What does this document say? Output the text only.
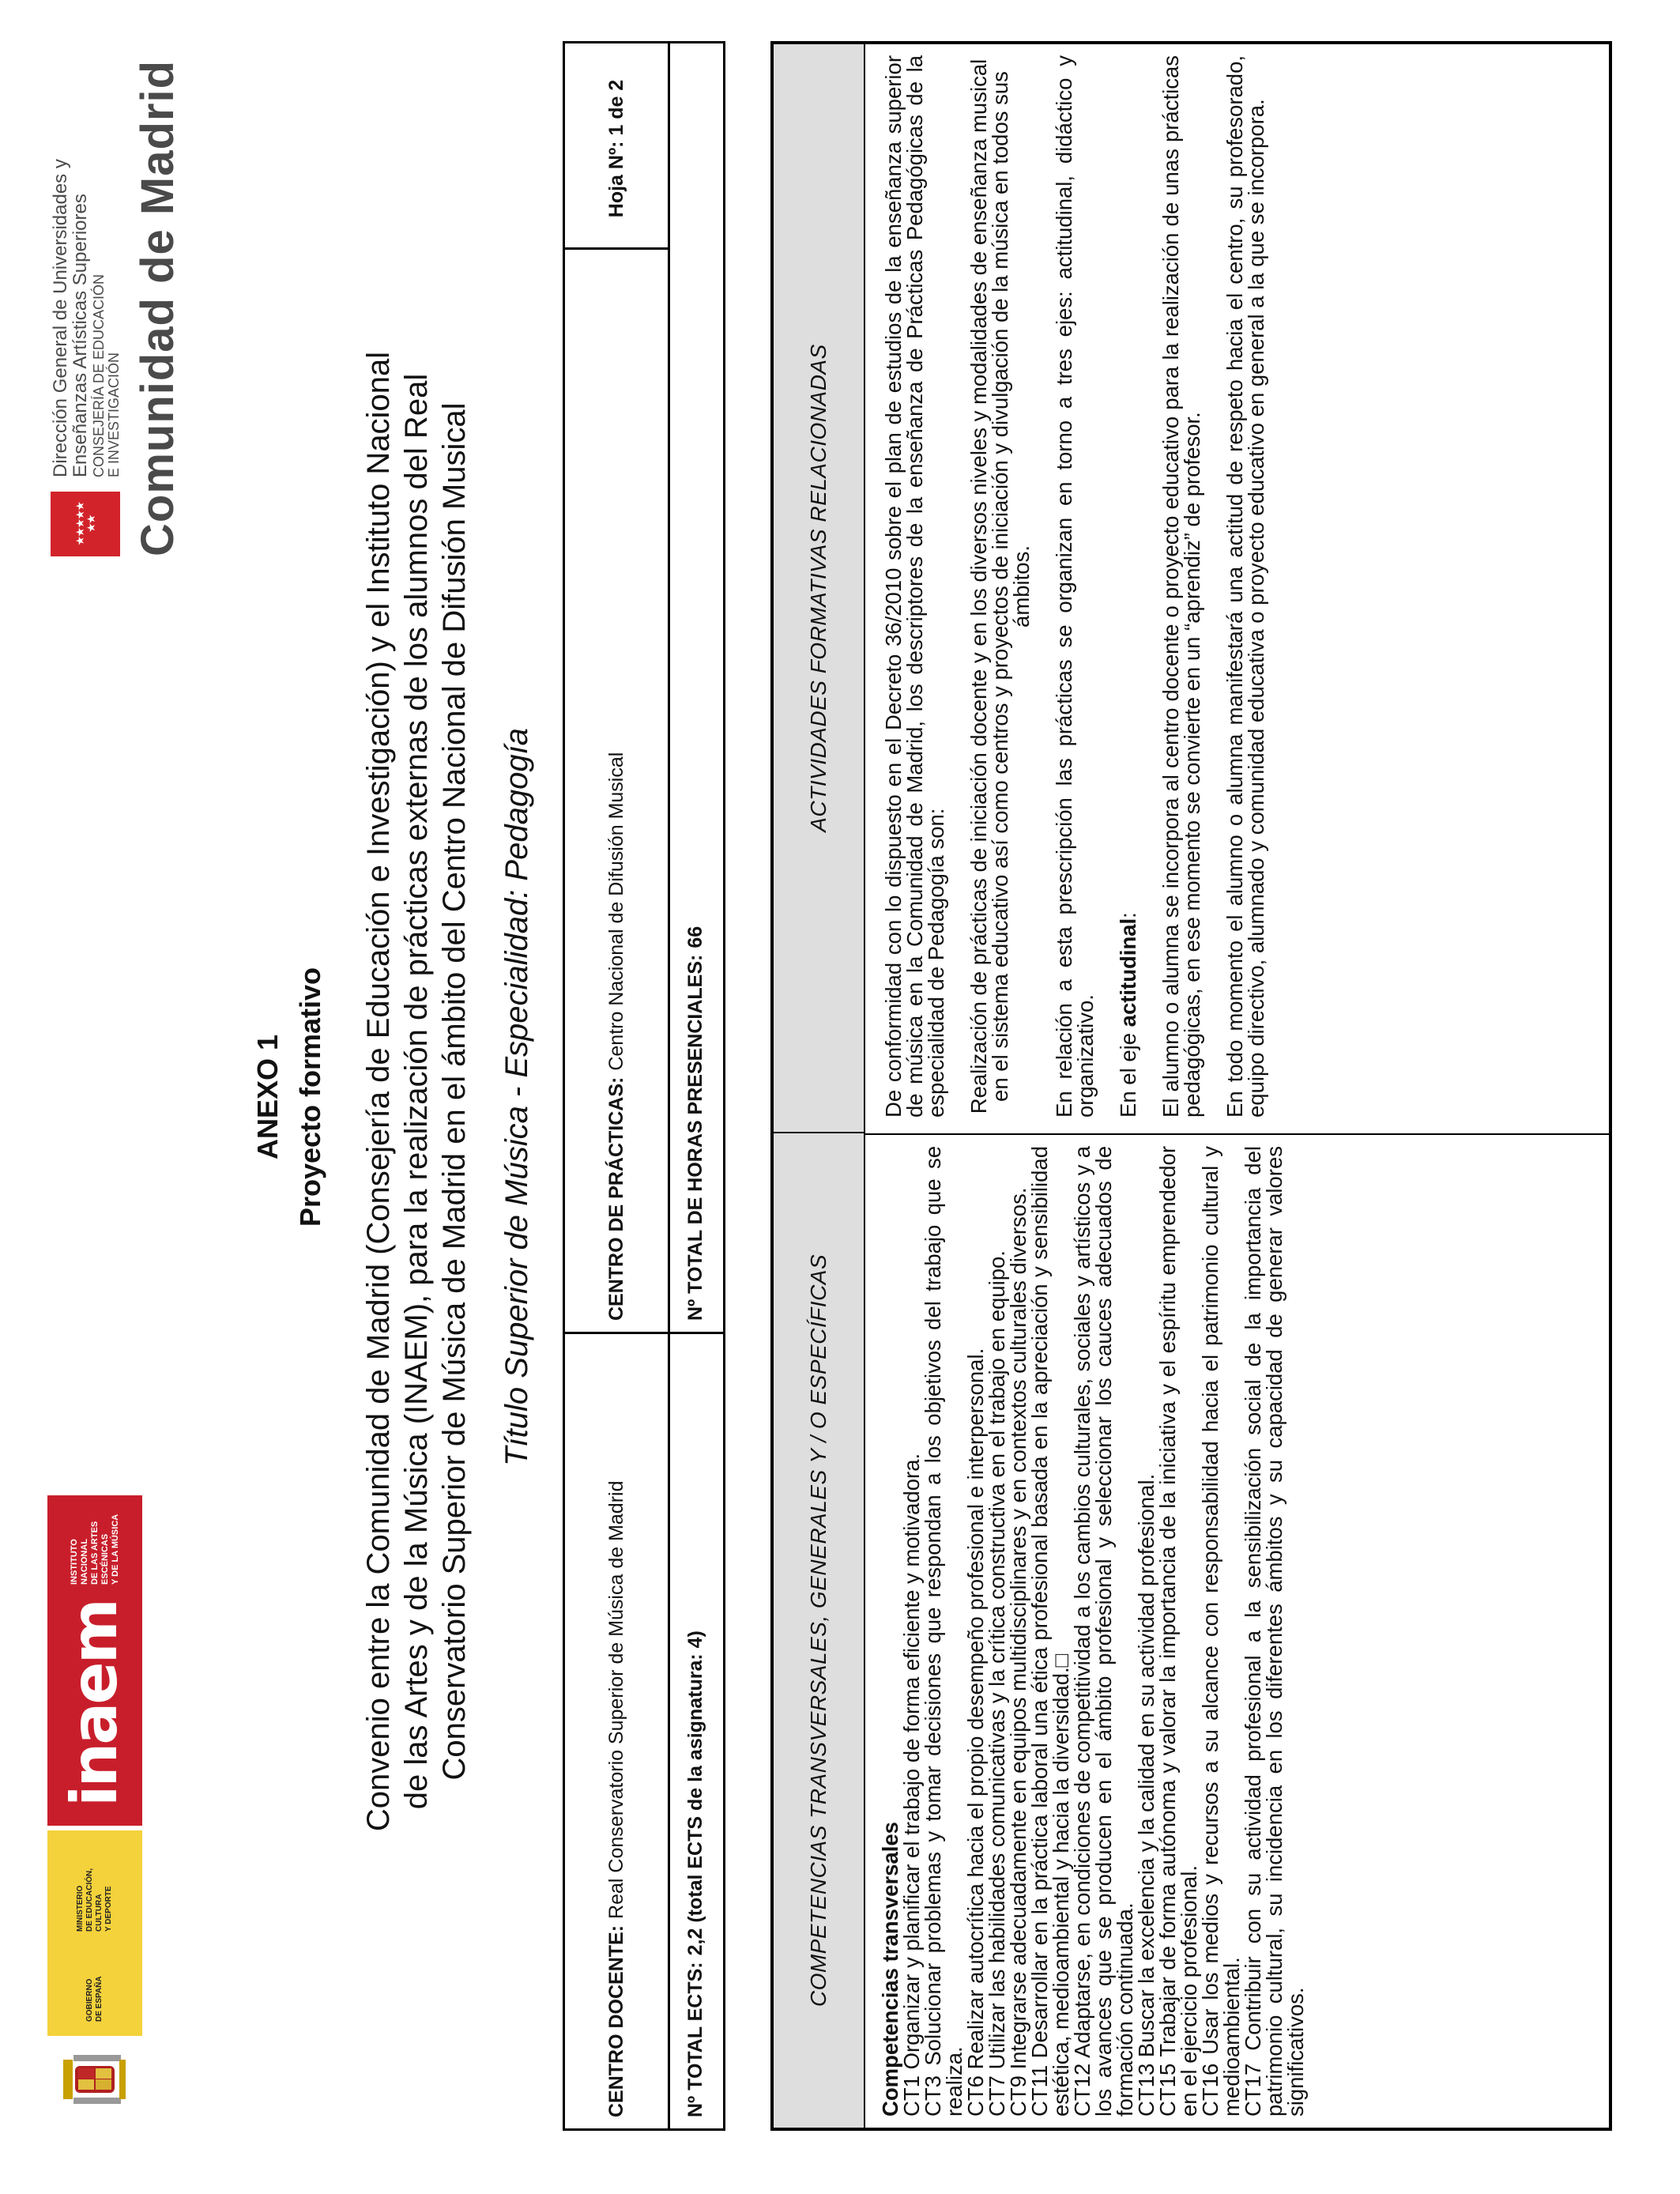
GOBIERNO
DE ESPAÑA
MINISTERIO
DE EDUCACIÓN, CULTURA
Y DEPORTE
inaem
INSTITUTO NACIONAL
DE LAS ARTES ESCÉNICAS
Y DE LA MÚSICA
★
★
★
★
★
★
★
Dirección General de Universidades y
Enseñanzas Artísticas Superiores CONSEJERÍA DE EDUCACIÓN E INVESTIGACIÓN Comunidad de Madrid
ANEXO 1 Proyecto formativo Convenio entre la Comunidad de Madrid (Consejería de Educación e Investigación) y el Instituto Nacional de las Artes y de la Música (INAEM), para la realización de prácticas externas de los alumnos del Real Conservatorio Superior de Música de Madrid en el ámbito del Centro Nacional de Difusión Musical Título Superior de Música - Especialidad: Pedagogía
CENTRO DOCENTE:
Real Conservatorio Superior de Música de Madrid
CENTRO DE PRÁCTICAS:
Centro Nacional de Difusión Musical
Hoja Nº: 1 de 2
Nº TOTAL ECTS:
2,2 (total ECTS de la asignatura: 4)
Nº TOTAL DE HORAS PRESENCIALES:
66
COMPETENCIAS TRANSVERSALES, GENERALES Y / O ESPECÍFICAS
ACTIVIDADES FORMATIVAS RELACIONADAS

Competencias transversales

CT1 Organizar y planificar el trabajo de forma eficiente y motivadora.

CT3 Solucionar problemas y tomar decisiones que respondan a los objetivos del trabajo que se realiza.

CT6 Realizar autocrítica hacia el propio desempeño profesional e interpersonal.

CT7 Utilizar las habilidades comunicativas y la crítica constructiva en el trabajo en equipo.

CT9 Integrarse adecuadamente en equipos multidisciplinares y en contextos culturales diversos.

CT11 Desarrollar en la práctica laboral una ética profesional basada en la apreciación y sensibilidad estética, medioambiental y hacia la diversidad.□

CT12 Adaptarse, en condiciones de competitividad a los cambios culturales, sociales y artísticos y a los avances que se producen en el ámbito profesional y seleccionar los cauces adecuados de formación continuada.

CT13 Buscar la excelencia y la calidad en su actividad profesional.

CT15 Trabajar de forma autónoma y valorar la importancia de la iniciativa y el espíritu emprendedor en el ejercicio profesional.

CT16 Usar los medios y recursos a su alcance con responsabilidad hacia el patrimonio cultural y medioambiental.

CT17 Contribuir con su actividad profesional a la sensibilización social de la importancia del patrimonio cultural, su incidencia en los diferentes ámbitos y su capacidad de generar valores significativos.

De conformidad con lo dispuesto en el Decreto 36/2010 sobre el plan de estudios de la enseñanza superior de música en la Comunidad de Madrid, los descriptores de la enseñanza de Prácticas Pedagógicas de la especialidad de Pedagogía son: Realización de prácticas de iniciación docente y en los diversos niveles y modalidades de enseñanza musical en el sistema educativo así como centros y proyectos de iniciación y divulgación de la música en todos sus ámbitos. En relación a esta prescripción las prácticas se organizan en torno a tres ejes: actitudinal, didáctico y organizativo. En el eje actitudinal: El alumno o alumna se incorpora al centro docente o proyecto educativo para la realización de unas prácticas pedagógicas, en ese momento se convierte en un “aprendiz” de profesor. En todo momento el alumno o alumna manifestará una actitud de respeto hacia el centro, su profesorado, equipo directivo, alumnado y comunidad educativa o proyecto educativo en general a la que se incorpora.
